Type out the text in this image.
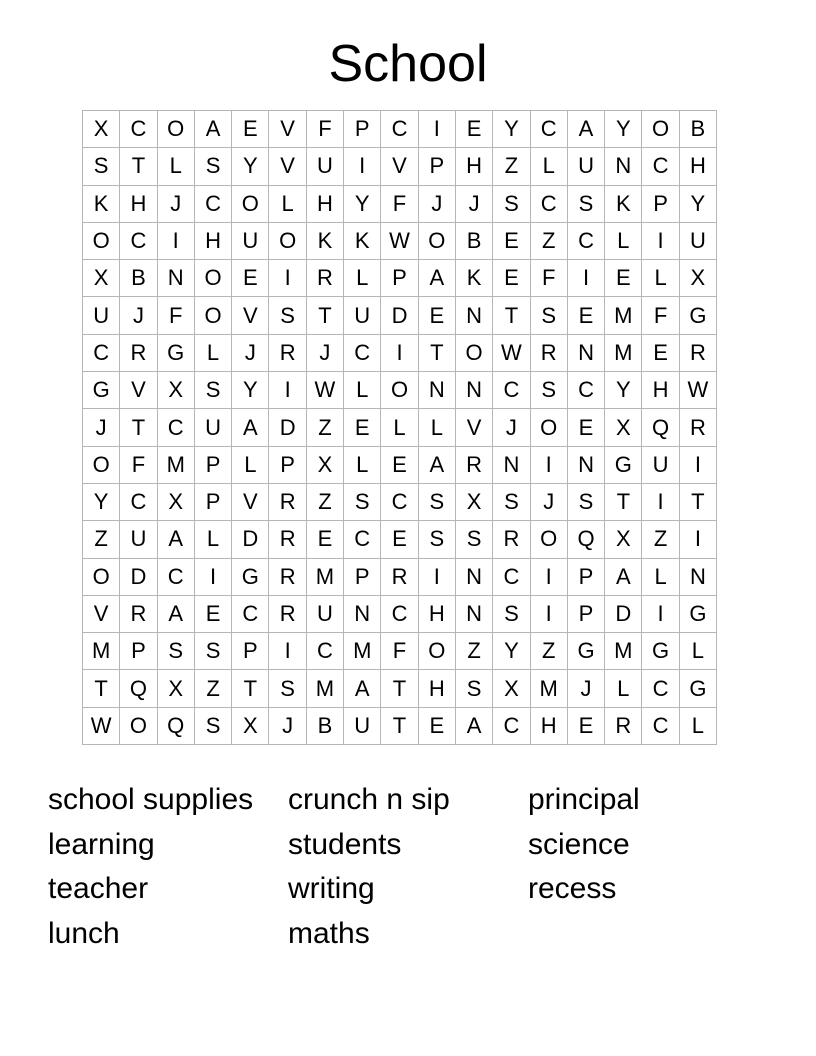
School
X	C	O	A	E	V	F	P	C	I	E	Y	C	A	Y	O	B
S	T	L	S	Y	V	U	I	V	P	H	Z	L	U	N	C	H
K	H	J	C	O	L	H	Y	F	J	J	S	C	S	K	P	Y
O	C	I	H	U	O	K	K	W	O	B	E	Z	C	L	I	U
X	B	N	O	E	I	R	L	P	A	K	E	F	I	E	L	X
U	J	F	O	V	S	T	U	D	E	N	T	S	E	M	F	G
C	R	G	L	J	R	J	C	I	T	O	W	R	N	M	E	R
G	V	X	S	Y	I	W	L	O	N	N	C	S	C	Y	H	W
J	T	C	U	A	D	Z	E	L	L	V	J	O	E	X	Q	R
O	F	M	P	L	P	X	L	E	A	R	N	I	N	G	U	I
Y	C	X	P	V	R	Z	S	C	S	X	S	J	S	T	I	T
Z	U	A	L	D	R	E	C	E	S	S	R	O	Q	X	Z	I
O	D	C	I	G	R	M	P	R	I	N	C	I	P	A	L	N
V	R	A	E	C	R	U	N	C	H	N	S	I	P	D	I	G
M	P	S	S	P	I	C	M	F	O	Z	Y	Z	G	M	G	L
T	Q	X	Z	T	S	M	A	T	H	S	X	M	J	L	C	G
W	O	Q	S	X	J	B	U	T	E	A	C	H	E	R	C	L
school supplies	crunch n sip	principal
learning	students	science
teacher	writing	recess
lunch	maths
